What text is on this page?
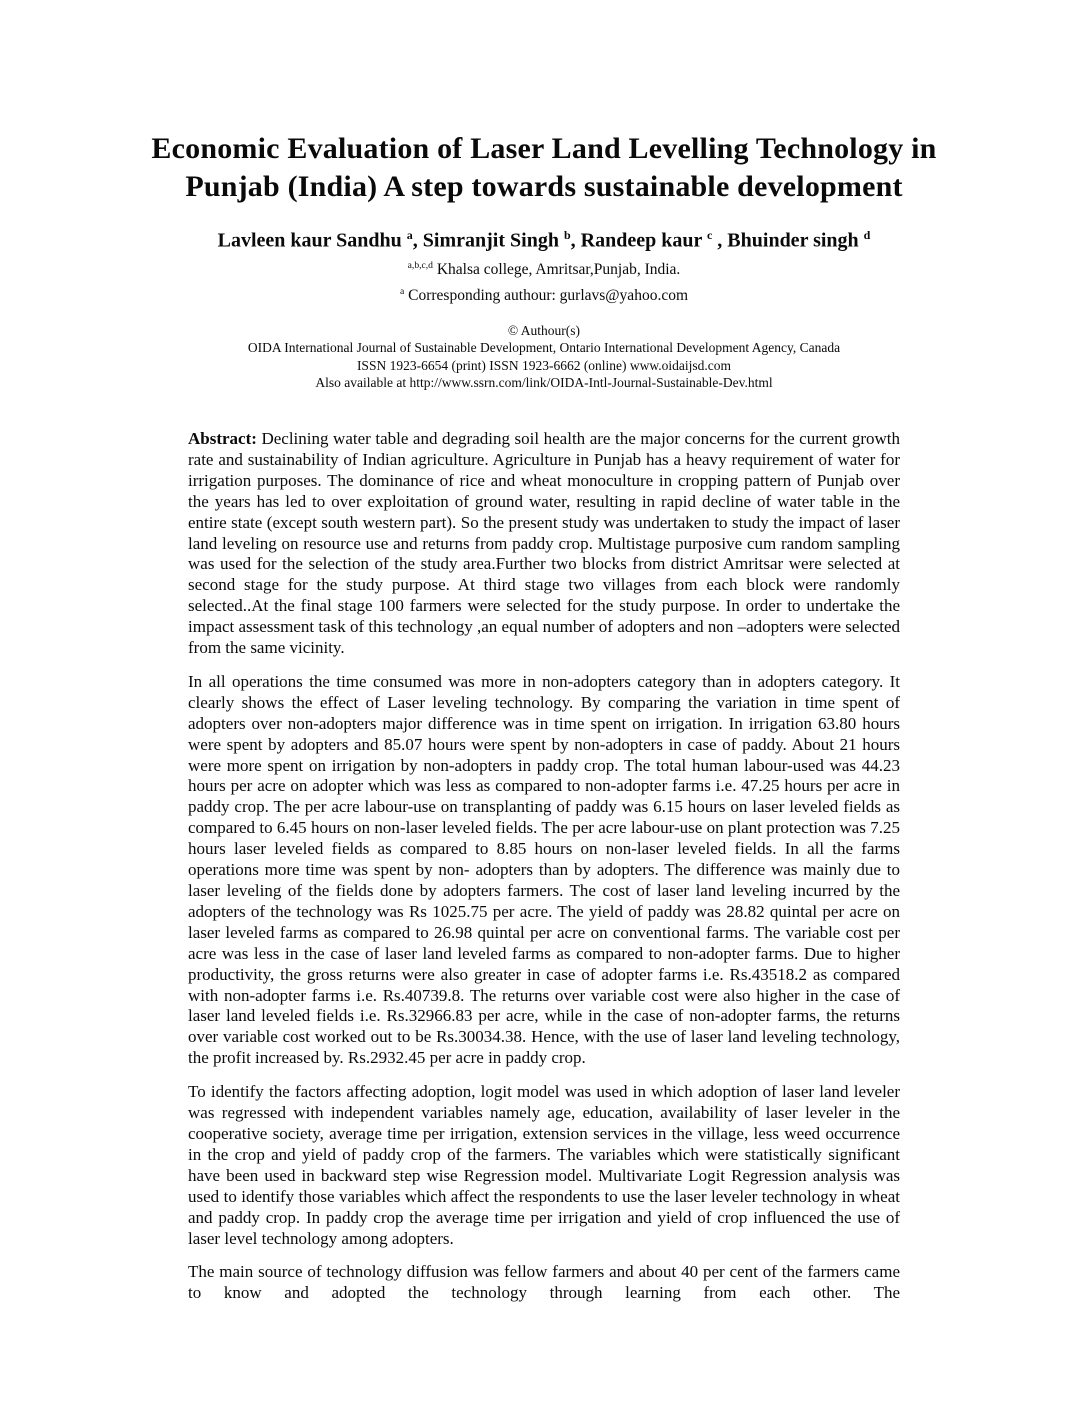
Economic Evaluation of Laser Land Levelling Technology in
Punjab (India) A step towards sustainable development

Lavleen kaur Sandhu $^a$, Simranjit Singh $^b$, Randeep kaur $^c$ , Bhuinder singh $^d$

$^{a,b,c,d}$ Khalsa college, Amritsar,Punjab, India.

$^a$ Corresponding authour: gurlavs@yahoo.com

© Authour(s)
OIDA International Journal of Sustainable Development, Ontario International Development Agency, Canada
ISSN 1923-6654 (print) ISSN 1923-6662 (online) www.oidaijsd.com
Also available at http://www.ssrn.com/link/OIDA-Intl-Journal-Sustainable-Dev.html

Abstract: Declining water table and degrading soil health are the major concerns for the current growth rate and sustainability of Indian agriculture. Agriculture in Punjab has a heavy requirement of water for irrigation purposes. The dominance of rice and wheat monoculture in cropping pattern of Punjab over the years has led to over exploitation of ground water, resulting in rapid decline of water table in the entire state (except south western part). So the present study was undertaken to study the impact of laser land leveling on resource use and returns from paddy crop. Multistage purposive cum random sampling was used for the selection of the study area.Further two blocks from district Amritsar were selected at second stage for the study purpose. At third stage two villages from each block were randomly selected..At the final stage 100 farmers were selected for the study purpose. In order to undertake the impact assessment task of this technology ,an equal number of adopters and non –adopters were selected from the same vicinity.

In all operations the time consumed was more in non-adopters category than in adopters category. It clearly shows the effect of Laser leveling technology. By comparing the variation in time spent of adopters over non-adopters major difference was in time spent on irrigation. In irrigation 63.80 hours were spent by adopters and 85.07 hours were spent by non-adopters in case of paddy. About 21 hours were more spent on irrigation by non-adopters in paddy crop. The total human labour-used was 44.23 hours per acre on adopter which was less as compared to non-adopter farms i.e. 47.25 hours per acre in paddy crop. The per acre labour-use on transplanting of paddy was 6.15 hours on laser leveled fields as compared to 6.45 hours on non-laser leveled fields. The per acre labour-use on plant protection was 7.25 hours laser leveled fields as compared to 8.85 hours on non-laser leveled fields. In all the farms operations more time was spent by non- adopters than by adopters. The difference was mainly due to laser leveling of the fields done by adopters farmers. The cost of laser land leveling incurred by the adopters of the technology was Rs 1025.75 per acre. The yield of paddy was 28.82 quintal per acre on laser leveled farms as compared to 26.98 quintal per acre on conventional farms. The variable cost per acre was less in the case of laser land leveled farms as compared to non-adopter farms. Due to higher productivity, the gross returns were also greater in case of adopter farms i.e. Rs.43518.2 as compared with non-adopter farms i.e. Rs.40739.8. The returns over variable cost were also higher in the case of laser land leveled fields i.e. Rs.32966.83 per acre, while in the case of non-adopter farms, the returns over variable cost worked out to be Rs.30034.38. Hence, with the use of laser land leveling technology, the profit increased by. Rs.2932.45 per acre in paddy crop.

To identify the factors affecting adoption, logit model was used in which adoption of laser land leveler was regressed with independent variables namely age, education, availability of laser leveler in the cooperative society, average time per irrigation, extension services in the village, less weed occurrence in the crop and yield of paddy crop of the farmers. The variables which were statistically significant have been used in backward step wise Regression model. Multivariate Logit Regression analysis was used to identify those variables which affect the respondents to use the laser leveler technology in wheat and paddy crop. In paddy crop the average time per irrigation and yield of crop influenced the use of laser level technology among adopters.

The main source of technology diffusion was fellow farmers and about 40 per cent of the farmers came to know and adopted the technology through learning from each other. The
